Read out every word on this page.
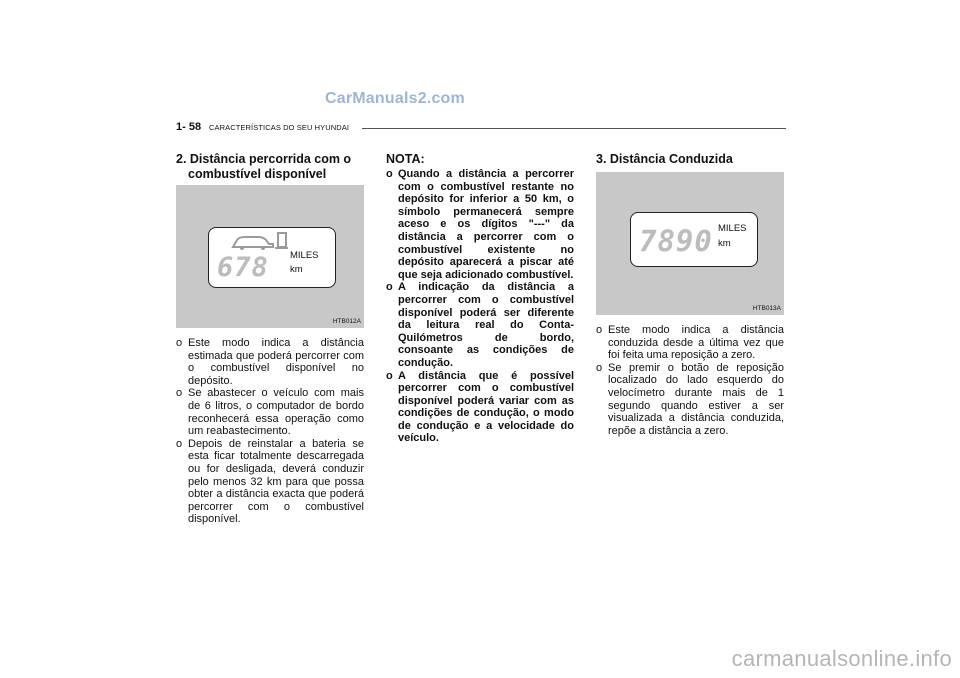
CarManuals2.com
1- 58 CARACTERÍSTICAS DO SEU HYUNDAI
2. Distância percorrida com o combustível disponível
678 MILES
km
HTB012A
o Este modo indica a distância estimada que poderá percorrer com o combustível disponível no depósito.
o Se abastecer o veículo com mais de 6 litros, o computador de bordo reconhecerá essa operação como um reabastecimento.
o Depois de reinstalar a bateria se esta ficar totalmente descarregada ou for desligada, deverá conduzir pelo menos 32 km para que possa obter a distância exacta que poderá percorrer com o combustível disponível.
NOTA:
o Quando a distância a percorrer com o combustível restante no depósito for inferior a 50 km, o símbolo permanecerá sempre aceso e os dígitos "---" da distância a percorrer com o combustível existente no depósito aparecerá a piscar até que seja adicionado combustível.
o A indicação da distância a percorrer com o combustível disponível poderá ser diferente da leitura real do Conta-Quilómetros de bordo, consoante as condições de condução.
o A distância que é possível percorrer com o combustível disponível poderá variar com as condições de condução, o modo de condução e a velocidade do veículo.
3. Distância Conduzida
7890 MILES
km
HTB013A
o Este modo indica a distância conduzida desde a última vez que foi feita uma reposição a zero.
o Se premir o botão de reposição localizado do lado esquerdo do velocímetro durante mais de 1 segundo quando estiver a ser visualizada a distância conduzida, repõe a distância a zero.
carmanualsonline.info
